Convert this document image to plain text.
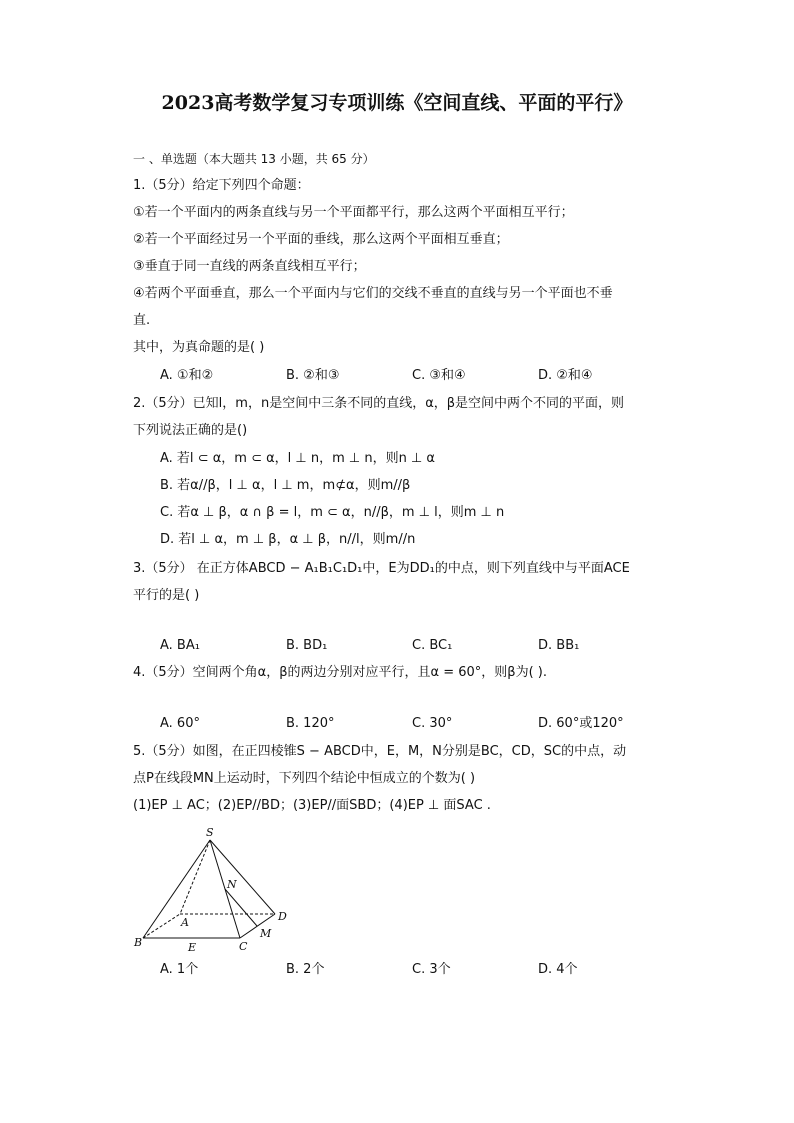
2023高考数学复习专项训练《空间直线、平面的平行》
一 、单选题（本大题共 13 小题，共 65 分）
1.（5分）给定下列四个命题：
①若一个平面内的两条直线与另一个平面都平行，那么这两个平面相互平行；
②若一个平面经过另一个平面的垂线，那么这两个平面相互垂直；
③垂直于同一直线的两条直线相互平行；
④若两个平面垂直，那么一个平面内与它们的交线不垂直的直线与另一个平面也不垂
直.
其中，为真命题的是( )
A. ①和②	B. ②和③	C. ③和④	D. ②和④
2.（5分）已知l，m，n是空间中三条不同的直线，α，β是空间中两个不同的平面，则
下列说法正确的是()
A. 若l ⊂ α，m ⊂ α，l ⊥ n，m ⊥ n，则n ⊥ α
B. 若α//β，l ⊥ α，l ⊥ m，m⊄α，则m//β
C. 若α ⊥ β，α ∩ β = l，m ⊂ α，n//β，m ⊥ l，则m ⊥ n
D. 若l ⊥ α，m ⊥ β，α ⊥ β，n//l，则m//n
3.（5分） 在正方体ABCD − A₁B₁C₁D₁中，E为DD₁的中点，则下列直线中与平面ACE
平行的是( )
A. BA₁	B. BD₁	C. BC₁	D. BB₁
4.（5分）空间两个角α，β的两边分别对应平行，且α = 60°，则β为( ).
A. 60°	B. 120°	C. 30°	D. 60°或120°
5.（5分）如图，在正四棱锥S − ABCD中，E，M，N分别是BC，CD，SC的中点，动
点P在线段MN上运动时，下列四个结论中恒成立的个数为( )
(1)EP ⊥ AC；(2)EP//BD；(3)EP//面SBD；(4)EP ⊥ 面SAC .
S
N
A	D
M
B	E	C
A. 1个	B. 2个	C. 3个	D. 4个
